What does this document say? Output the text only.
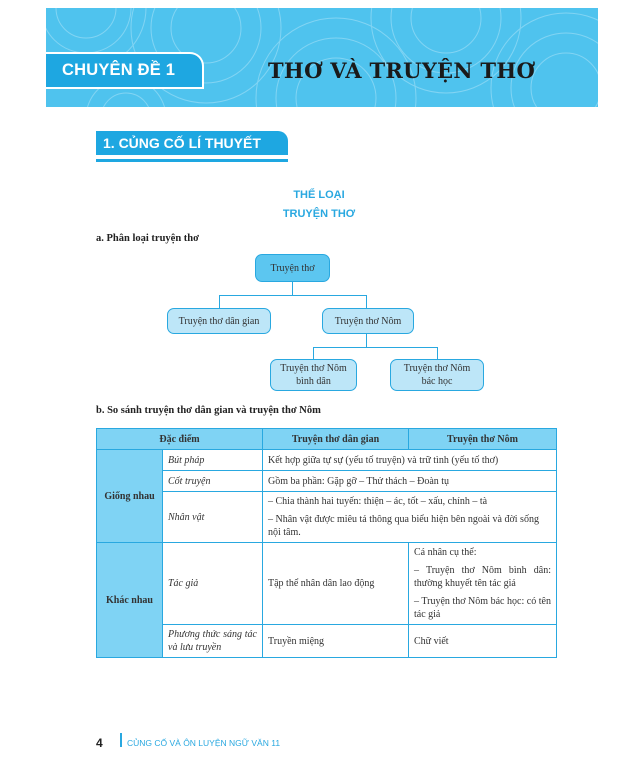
CHUYÊN ĐỀ 1	THƠ VÀ TRUYỆN THƠ
1. CỦNG CỐ LÍ THUYẾT
THỂ LOẠI
TRUYỆN THƠ
a. Phân loại truyện thơ
Truyện thơ
Truyện thơ dân gian	Truyện thơ Nôm
Truyện thơ Nôm
bình dân
Truyện thơ Nôm
bác học
b. So sánh truyện thơ dân gian và truyện thơ Nôm
Đặc điểm		Truyện thơ dân gian	Truyện thơ Nôm
Giống nhau	Bút pháp	Kết hợp giữa tự sự (yếu tố truyện) và trữ tình (yếu tố thơ)	
	Cốt truyện	Gồm ba phần: Gặp gỡ – Thử thách – Đoàn tụ	
	Nhân vật	– Chia thành hai tuyến: thiện – ác, tốt – xấu, chính – tà

– Nhân vật được miêu tả thông qua biểu hiện bên ngoài và đời sống nội tâm.	

Khác nhau	Tác giả	Tập thể nhân dân lao động	Cá nhân cụ thể:

– Truyện thơ Nôm bình dân: thường khuyết tên tác giả

– Truyện thơ Nôm bác học: có tên tác giả

	Phương thức sáng tác và lưu truyền	Truyền miệng	Chữ viết
4	CỦNG CỐ VÀ ÔN LUYỆN NGỮ VĂN 11
